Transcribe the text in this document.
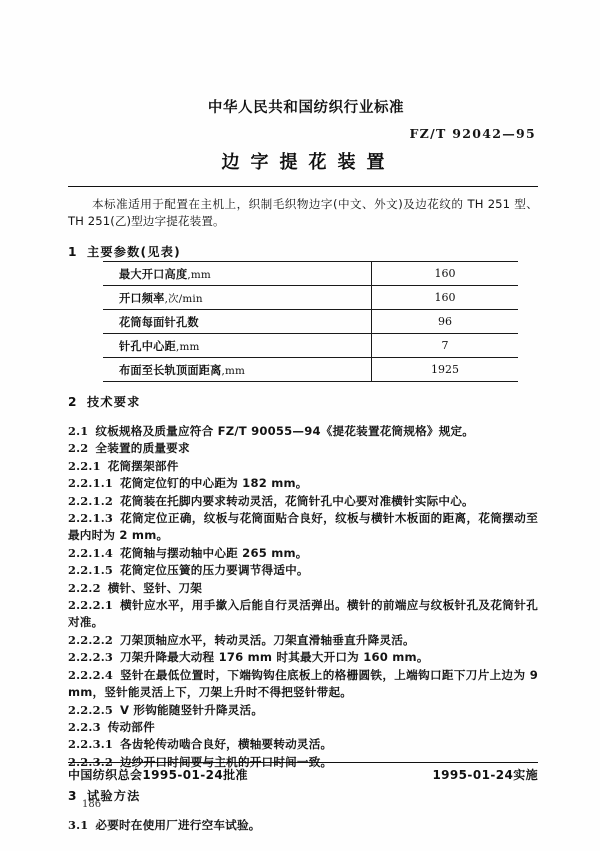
中华人民共和国纺织行业标准
FZ/T 92042—95
边字提花装置

本标准适用于配置在主机上，织制毛织物边字(中文、外文)及边花纹的 TH 251 型、TH 251(乙)型边字提花装置。

1 主要参数(见表)

最大开口高度,mm	160
开口频率,次/min	160
花筒每面针孔数	96
针孔中心距,mm	7
布面至长轨顶面距离,mm	1925

2 技术要求

2.1 纹板规格及质量应符合 FZ/T 90055—94《提花装置花筒规格》规定。

2.2 全装置的质量要求

2.2.1 花筒摆架部件

2.2.1.1 花筒定位钉的中心距为 182 mm。

2.2.1.2 花筒装在托脚内要求转动灵活，花筒针孔中心要对准横针实际中心。

2.2.1.3 花筒定位正确，纹板与花筒面贴合良好，纹板与横针木板面的距离，花筒摆动至最内时为 2 mm。

2.2.1.4 花筒轴与摆动轴中心距 265 mm。

2.2.1.5 花筒定位压簧的压力要调节得适中。

2.2.2 横针、竖针、刀架

2.2.2.1 横针应水平，用手撳入后能自行灵活弹出。横针的前端应与纹板针孔及花筒针孔对准。

2.2.2.2 刀架顶轴应水平，转动灵活。刀架直滑轴垂直升降灵活。

2.2.2.3 刀架升降最大动程 176 mm 时其最大开口为 160 mm。

2.2.2.4 竖针在最低位置时，下端钩钩住底板上的格栅圆铁，上端钩口距下刀片上边为 9 mm，竖针能灵活上下，刀架上升时不得把竖针带起。

2.2.2.5 V 形钩能随竖针升降灵活。

2.2.3 传动部件

2.2.3.1 各齿轮传动啮合良好，横轴要转动灵活。

2.2.3.2 边纱开口时间要与主机的开口时间一致。

3 试验方法

3.1 必要时在使用厂进行空车试验。

中国纺织总会1995-01-24批准	1995-01-24实施
186
